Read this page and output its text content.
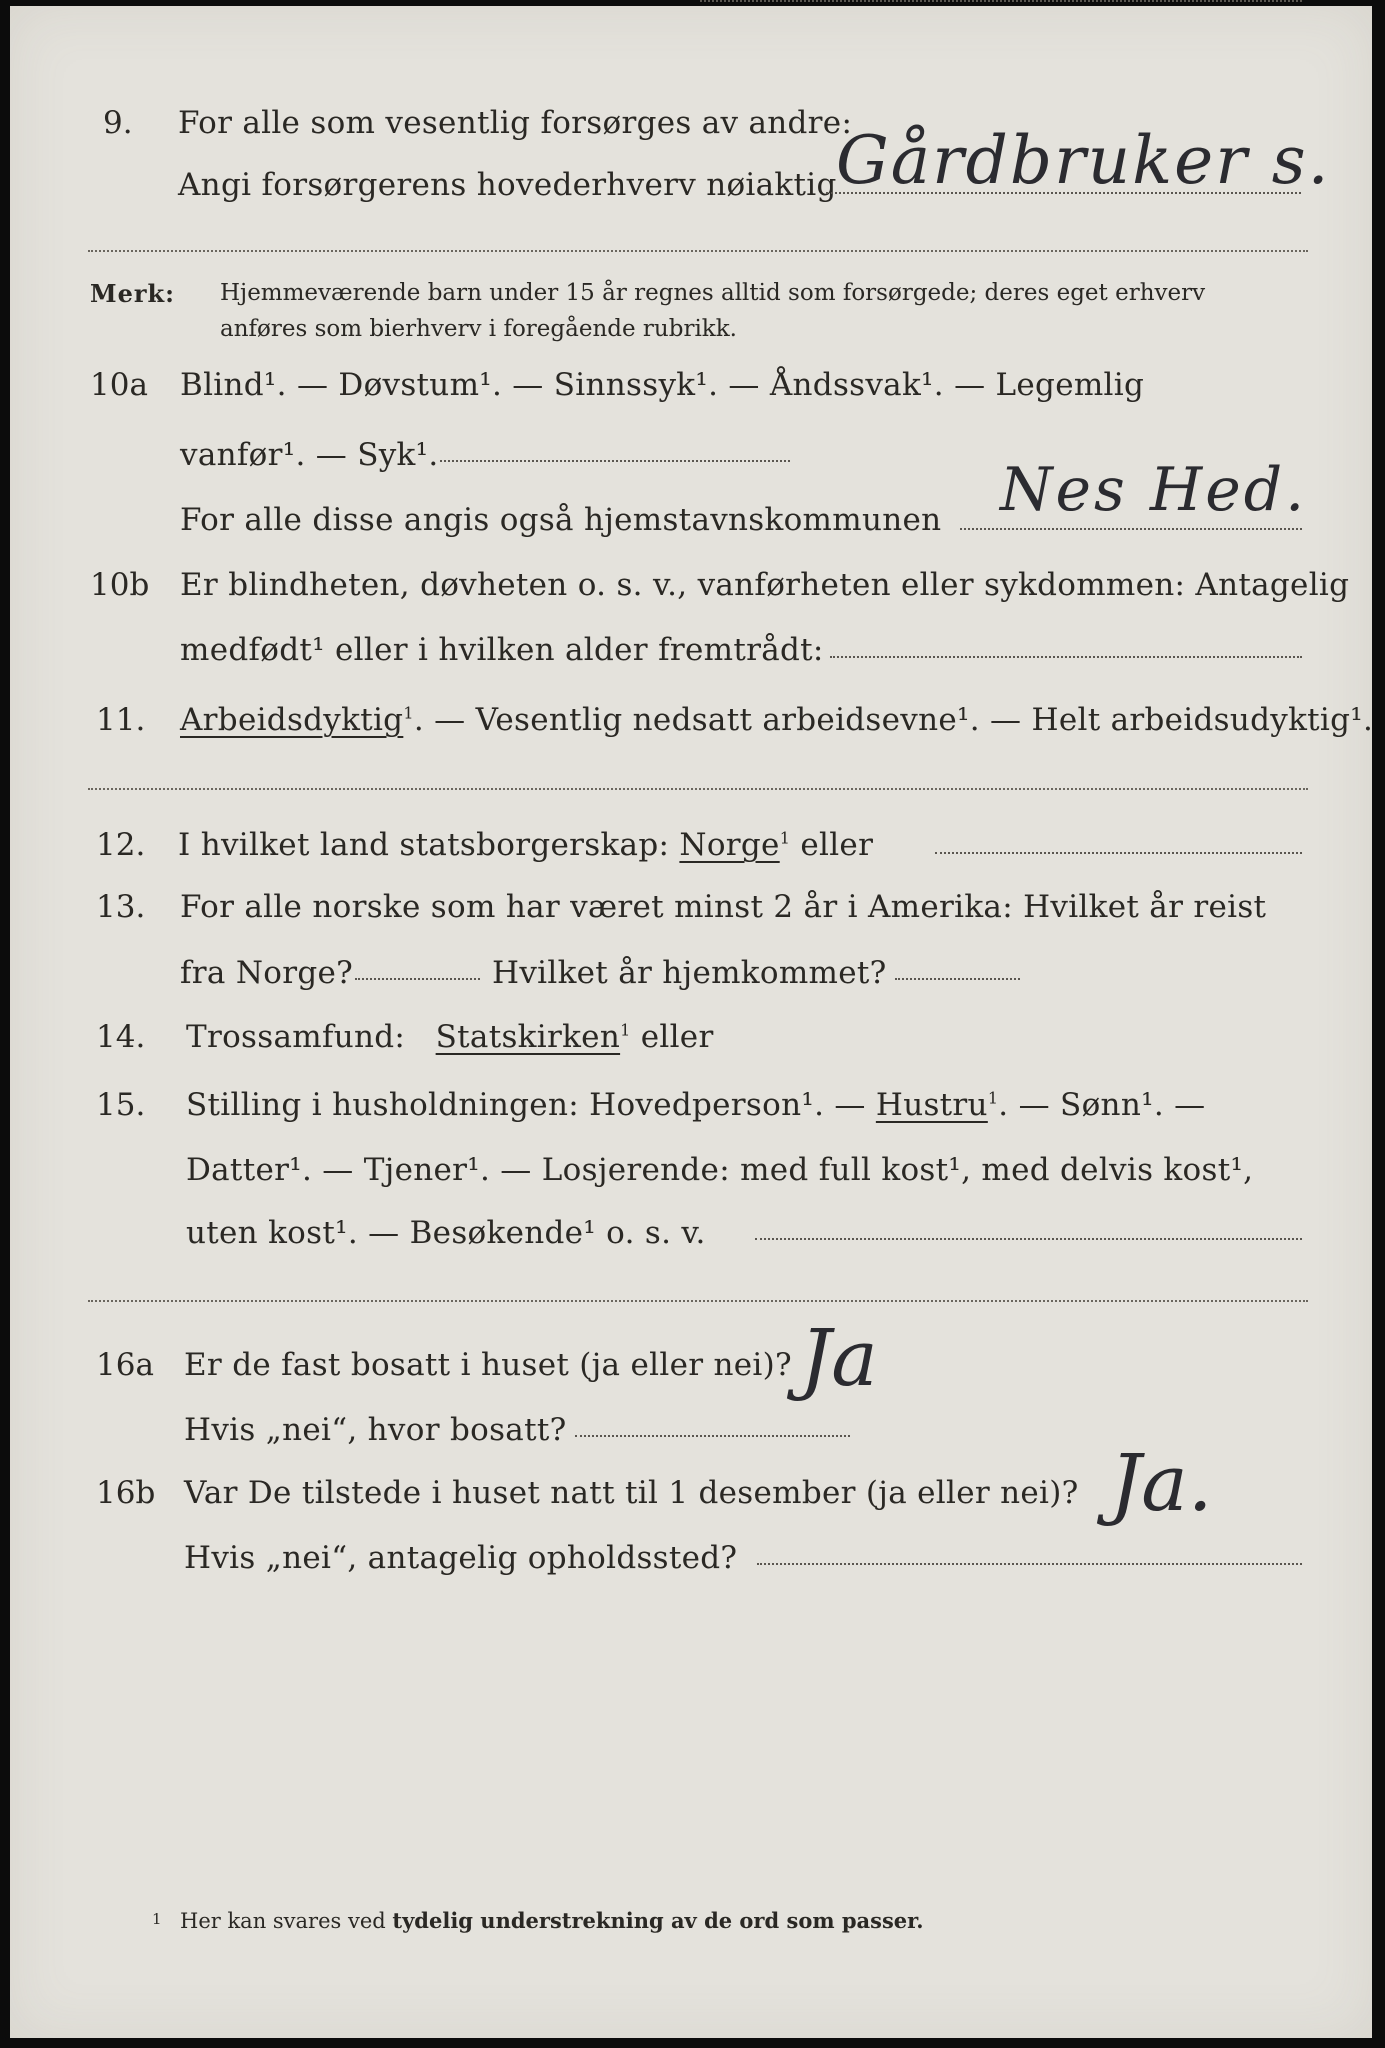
9. For alle som vesentlig forsørges av andre:
Angi forsørgerens hovederhverv nøiaktig Gårdbruker s.
Merk: Hjemmeværende barn under 15 år regnes alltid som forsørgede; deres eget erhverv
anføres som bierhverv i foregående rubrikk.
10a Blind¹. — Døvstum¹. — Sinnssyk¹. — Åndssvak¹. — Legemlig
vanfør¹. — Syk¹.
For alle disse angis også hjemstavnskommunen Nes Hed.
10b Er blindheten, døvheten o. s. v., vanførheten eller sykdommen: Antagelig
medfødt¹ eller i hvilken alder fremtrådt:
11. Arbeidsdyktig$^1$. — Vesentlig nedsatt arbeidsevne¹. — Helt arbeidsudyktig¹.
12. I hvilket land statsborgerskap: Norge$^1$ eller
13. For alle norske som har været minst 2 år i Amerika: Hvilket år reist
fra Norge?	Hvilket år hjemkommet?
14. Trossamfund: Statskirken$^1$ eller
15. Stilling i husholdningen: Hovedperson¹. — Hustru$^1$. — Sønn¹. —
Datter¹. — Tjener¹. — Losjerende: med full kost¹, med delvis kost¹,
uten kost¹. — Besøkende¹ o. s. v.
16a Er de fast bosatt i huset (ja eller nei)?
Hvis „nei“, hvor bosatt?
Ja
16b Var De tilstede i huset natt til 1 desember (ja eller nei)?
Hvis „nei“, antagelig opholdssted?
Ja.
1 Her kan svares ved tydelig understrekning av de ord som passer.
